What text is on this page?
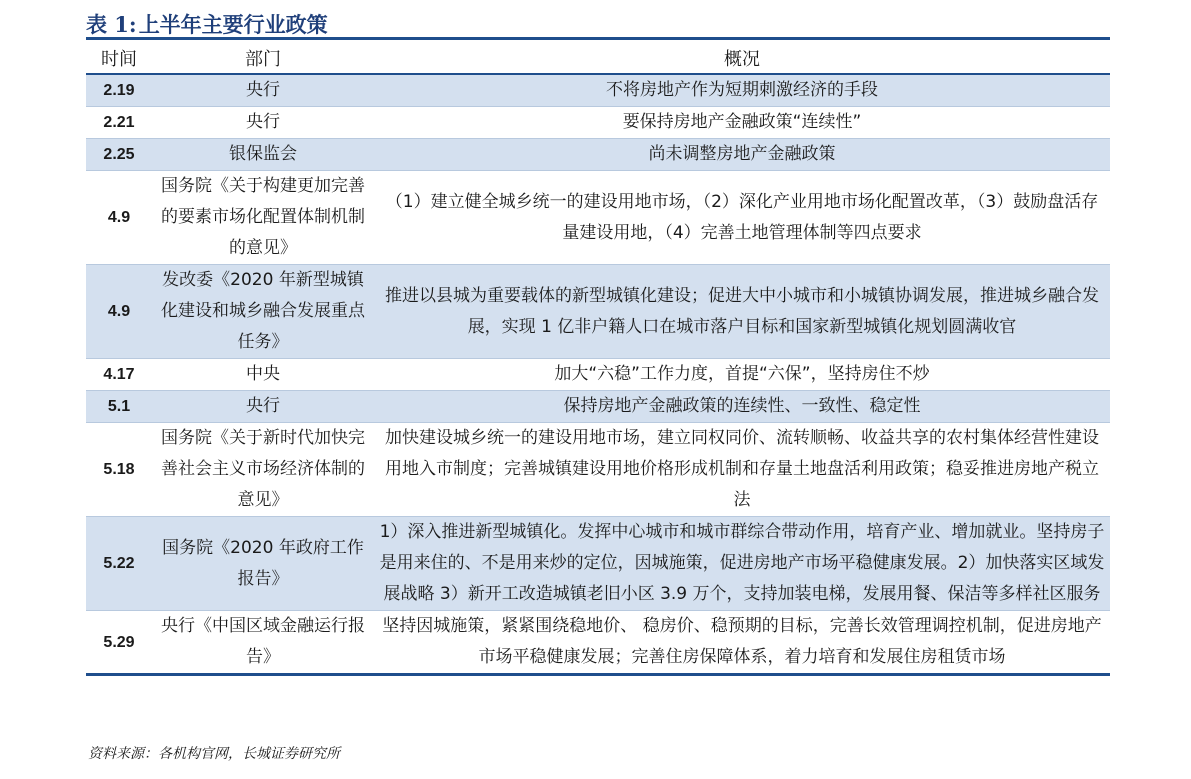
表 1: 上半年主要行业政策
时间	部门	概况
2.19	央行	不将房地产作为短期刺激经济的手段
2.21	央行	要保持房地产金融政策“连续性”
2.25	银保监会	尚未调整房地产金融政策
4.9	国务院《关于构建更加完善的要素市场化配置体制机制的意见》	（1）建立健全城乡统一的建设用地市场，（2）深化产业用地市场化配置改革，（3）鼓励盘活存量建设用地，（4）完善土地管理体制等四点要求
4.9	发改委《2020 年新型城镇化建设和城乡融合发展重点任务》	推进以县城为重要载体的新型城镇化建设；促进大中小城市和小城镇协调发展，推进城乡融合发展，实现 1 亿非户籍人口在城市落户目标和国家新型城镇化规划圆满收官
4.17	中央	加大“六稳”工作力度，首提“六保”，坚持房住不炒
5.1	央行	保持房地产金融政策的连续性、一致性、稳定性
5.18	国务院《关于新时代加快完善社会主义市场经济体制的意见》	加快建设城乡统一的建设用地市场，建立同权同价、流转顺畅、收益共享的农村集体经营性建设用地入市制度；完善城镇建设用地价格形成机制和存量土地盘活利用政策；稳妥推进房地产税立法
5.22	国务院《2020 年政府工作报告》	1）深入推进新型城镇化。发挥中心城市和城市群综合带动作用，培育产业、增加就业。坚持房子是用来住的、不是用来炒的定位，因城施策，促进房地产市场平稳健康发展。2）加快落实区域发展战略 3）新开工改造城镇老旧小区 3.9 万个，支持加装电梯，发展用餐、保洁等多样社区服务
5.29	央行《中国区域金融运行报告》	坚持因城施策，紧紧围绕稳地价、 稳房价、稳预期的目标，完善长效管理调控机制，促进房地产市场平稳健康发展；完善住房保障体系，着力培育和发展住房租赁市场
资料来源：各机构官网，长城证券研究所
